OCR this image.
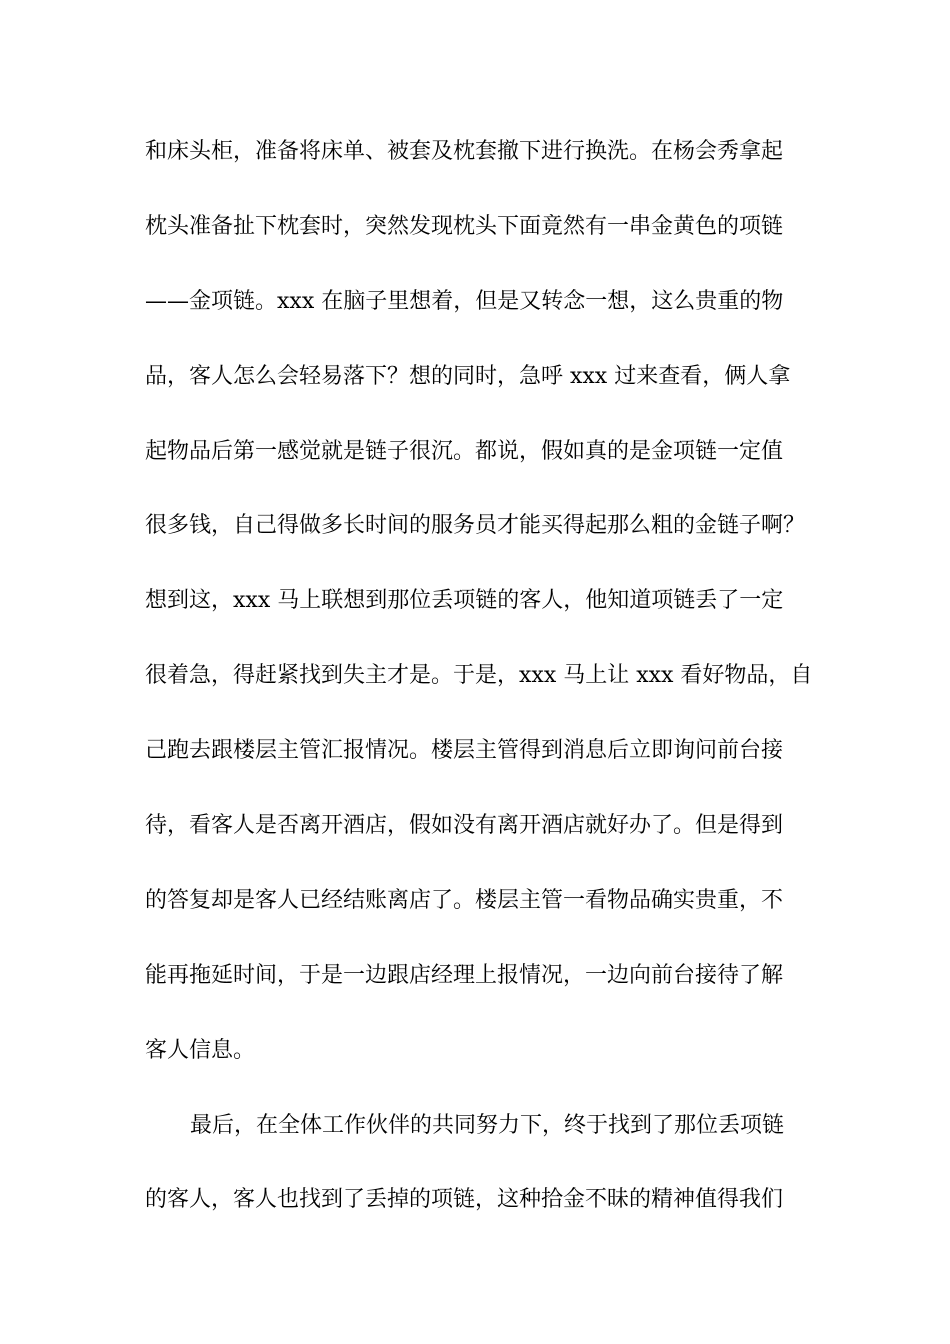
和床头柜，准备将床单、被套及枕套撤下进行换洗。在杨会秀拿起
枕头准备扯下枕套时，突然发现枕头下面竟然有一串金黄色的项链
——金项链。xxx 在脑子里想着，但是又转念一想，这么贵重的物
品，客人怎么会轻易落下？想的同时，急呼 xxx 过来查看，俩人拿
起物品后第一感觉就是链子很沉。都说，假如真的是金项链一定值
很多钱，自己得做多长时间的服务员才能买得起那么粗的金链子啊？
想到这，xxx 马上联想到那位丢项链的客人，他知道项链丢了一定
很着急，得赶紧找到失主才是。于是，xxx 马上让 xxx 看好物品，自
己跑去跟楼层主管汇报情况。楼层主管得到消息后立即询问前台接
待，看客人是否离开酒店，假如没有离开酒店就好办了。但是得到
的答复却是客人已经结账离店了。楼层主管一看物品确实贵重，不
能再拖延时间，于是一边跟店经理上报情况，一边向前台接待了解
客人信息。
最后，在全体工作伙伴的共同努力下，终于找到了那位丢项链
的客人，客人也找到了丢掉的项链，这种拾金不昧的精神值得我们
